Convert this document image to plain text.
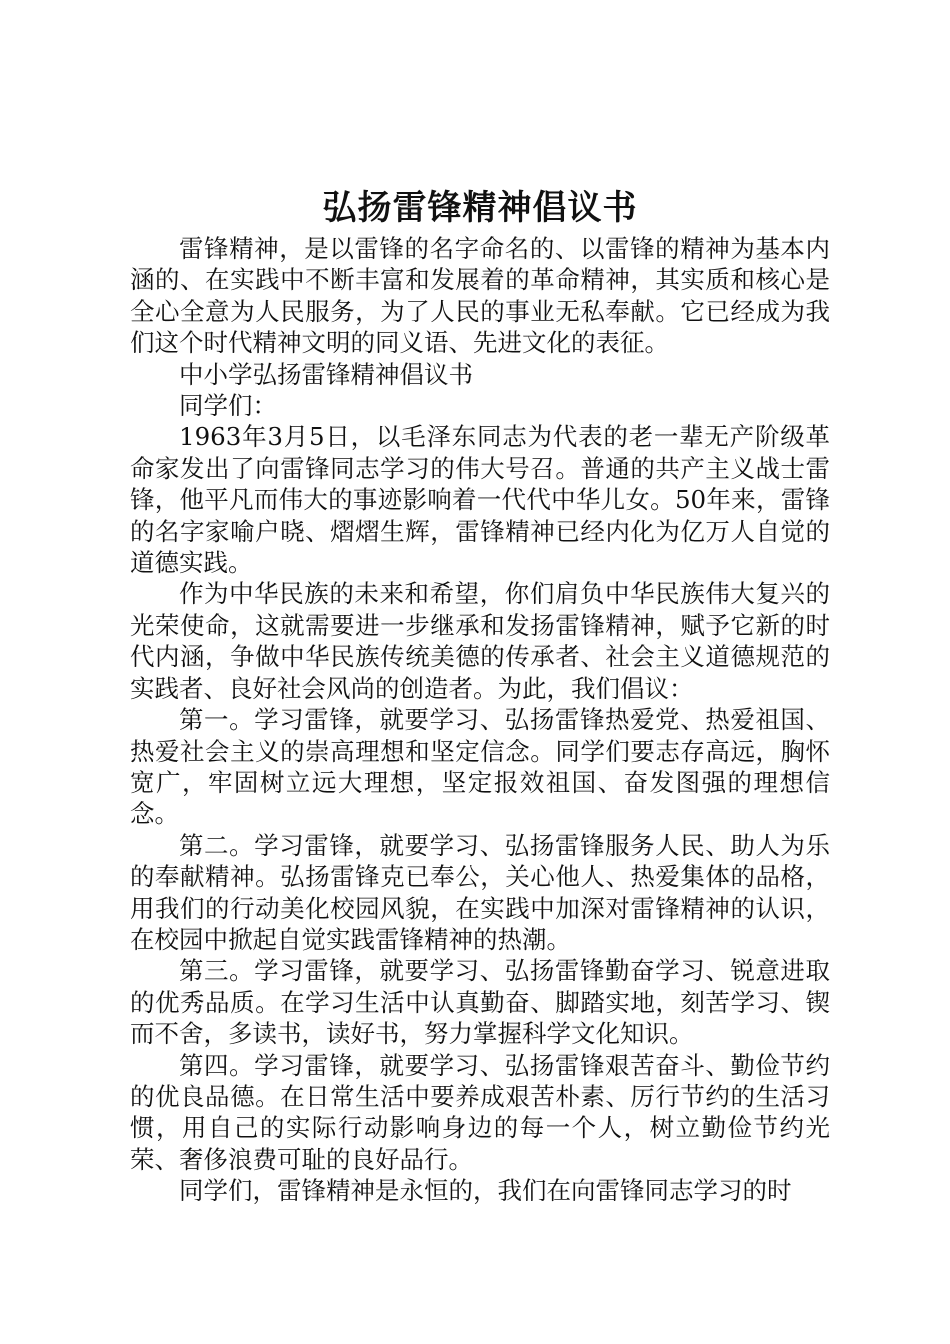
弘扬雷锋精神倡议书

雷锋精神，是以雷锋的名字命名的、以雷锋的精神为基本内涵的、在实践中不断丰富和发展着的革命精神，其实质和核心是全心全意为人民服务，为了人民的事业无私奉献。它已经成为我们这个时代精神文明的同义语、先进文化的表征。

中小学弘扬雷锋精神倡议书

同学们：

1963年3月5日，以毛泽东同志为代表的老一辈无产阶级革命家发出了向雷锋同志学习的伟大号召。普通的共产主义战士雷锋，他平凡而伟大的事迹影响着一代代中华儿女。50年来，雷锋的名字家喻户晓、熠熠生辉，雷锋精神已经内化为亿万人自觉的道德实践。

作为中华民族的未来和希望，你们肩负中华民族伟大复兴的光荣使命，这就需要进一步继承和发扬雷锋精神，赋予它新的时代内涵，争做中华民族传统美德的传承者、社会主义道德规范的实践者、良好社会风尚的创造者。为此，我们倡议：

第一。学习雷锋，就要学习、弘扬雷锋热爱党、热爱祖国、热爱社会主义的崇高理想和坚定信念。同学们要志存高远，胸怀宽广，牢固树立远大理想，坚定报效祖国、奋发图强的理想信念。

第二。学习雷锋，就要学习、弘扬雷锋服务人民、助人为乐的奉献精神。弘扬雷锋克已奉公，关心他人、热爱集体的品格，用我们的行动美化校园风貌，在实践中加深对雷锋精神的认识，在校园中掀起自觉实践雷锋精神的热潮。

第三。学习雷锋，就要学习、弘扬雷锋勤奋学习、锐意进取的优秀品质。在学习生活中认真勤奋、脚踏实地，刻苦学习、锲而不舍，多读书，读好书，努力掌握科学文化知识。

第四。学习雷锋，就要学习、弘扬雷锋艰苦奋斗、勤俭节约的优良品德。在日常生活中要养成艰苦朴素、厉行节约的生活习惯，用自己的实际行动影响身边的每一个人，树立勤俭节约光荣、奢侈浪费可耻的良好品行。

同学们，雷锋精神是永恒的，我们在向雷锋同志学习的时
